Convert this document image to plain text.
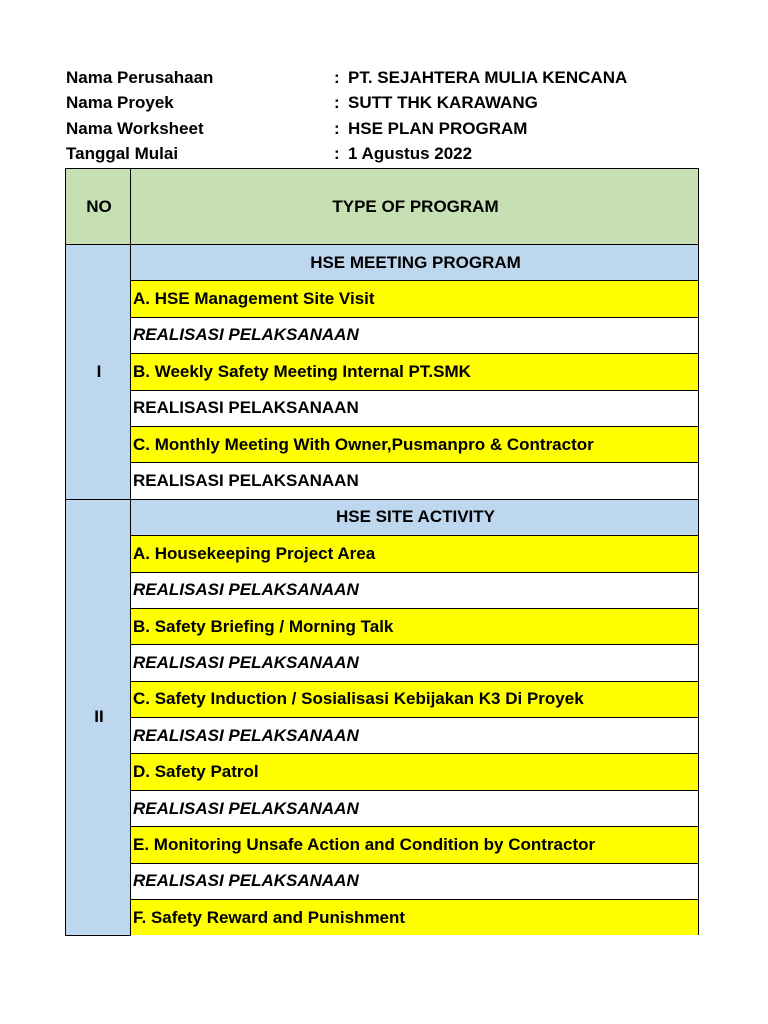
Nama Perusahaan	: PT. SEJAHTERA MULIA KENCANA
Nama Proyek	: SUTT THK KARAWANG
Nama Worksheet	: HSE PLAN PROGRAM
Tanggal Mulai	: 1 Agustus 2022
NO	TYPE OF PROGRAM
I	HSE MEETING PROGRAM
	A. HSE Management Site Visit
	REALISASI PELAKSANAAN
	B. Weekly Safety Meeting Internal PT.SMK
	REALISASI PELAKSANAAN
	C. Monthly Meeting With Owner,Pusmanpro & Contractor
	REALISASI PELAKSANAAN
II	HSE SITE ACTIVITY
	A. Housekeeping Project Area
	REALISASI PELAKSANAAN
	B. Safety Briefing / Morning Talk
	REALISASI PELAKSANAAN
	C. Safety Induction / Sosialisasi Kebijakan K3 Di Proyek
	REALISASI PELAKSANAAN
	D. Safety Patrol
	REALISASI PELAKSANAAN
	E. Monitoring Unsafe Action and Condition by Contractor
	REALISASI PELAKSANAAN
	F. Safety Reward and Punishment
